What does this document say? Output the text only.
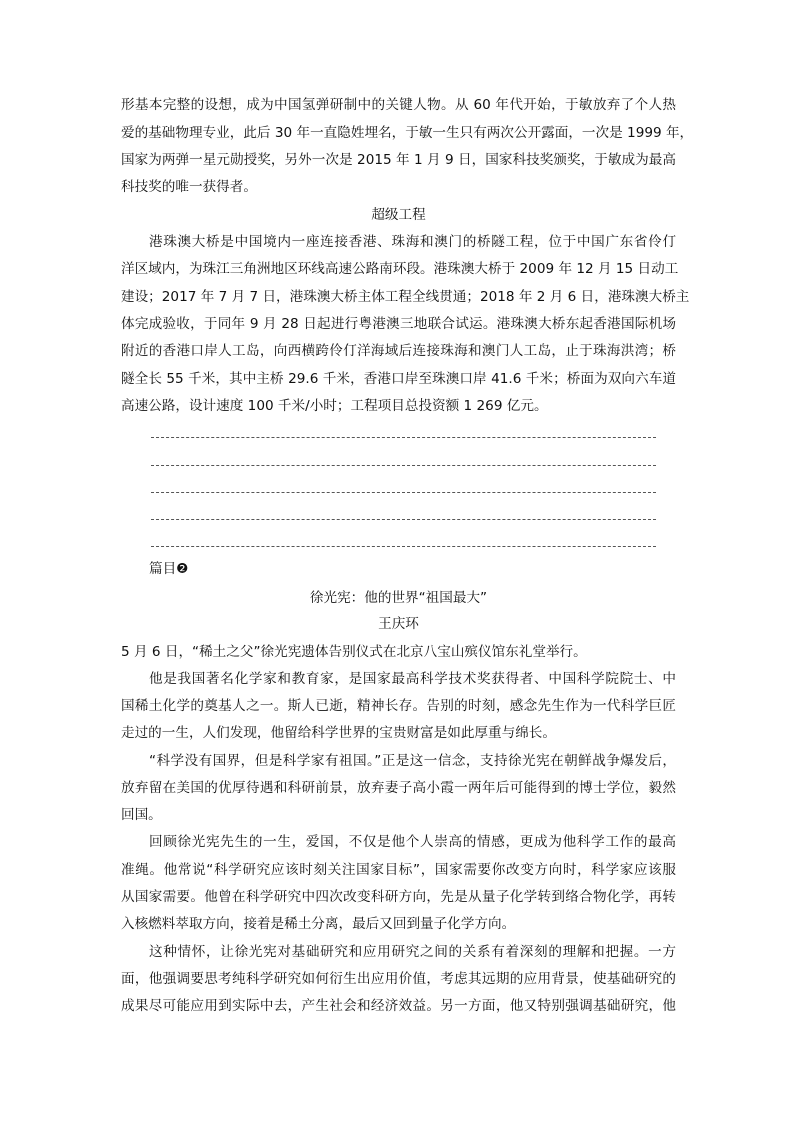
形基本完整的设想，成为中国氢弹研制中的关键人物。从 60 年代开始，于敏放弃了个人热
爱的基础物理专业，此后 30 年一直隐姓埋名，于敏一生只有两次公开露面，一次是 1999 年，
国家为两弹一星元勋授奖，另外一次是 2015 年 1 月 9 日，国家科技奖颁奖，于敏成为最高
科技奖的唯一获得者。
超级工程
港珠澳大桥是中国境内一座连接香港、珠海和澳门的桥隧工程，位于中国广东省伶仃
洋区域内，为珠江三角洲地区环线高速公路南环段。港珠澳大桥于 2009 年 12 月 15 日动工
建设；2017 年 7 月 7 日，港珠澳大桥主体工程全线贯通；2018 年 2 月 6 日，港珠澳大桥主
体完成验收，于同年 9 月 28 日起进行粤港澳三地联合试运。港珠澳大桥东起香港国际机场
附近的香港口岸人工岛，向西横跨伶仃洋海域后连接珠海和澳门人工岛，止于珠海洪湾；桥
隧全长 55 千米，其中主桥 29.6 千米，香港口岸至珠澳口岸 41.6 千米；桥面为双向六车道
高速公路，设计速度 100 千米/小时；工程项目总投资额 1 269 亿元。
篇目❷
徐光宪：他的世界“祖国最大”
王庆环
5 月 6 日，“稀土之父”徐光宪遗体告别仪式在北京八宝山殡仪馆东礼堂举行。
他是我国著名化学家和教育家，是国家最高科学技术奖获得者、中国科学院院士、中
国稀土化学的奠基人之一。斯人已逝，精神长存。告别的时刻，感念先生作为一代科学巨匠
走过的一生，人们发现，他留给科学世界的宝贵财富是如此厚重与绵长。
“科学没有国界，但是科学家有祖国。”正是这一信念，支持徐光宪在朝鲜战争爆发后，
放弃留在美国的优厚待遇和科研前景，放弃妻子高小霞一两年后可能得到的博士学位，毅然
回国。
回顾徐光宪先生的一生，爱国，不仅是他个人崇高的情感，更成为他科学工作的最高
准绳。他常说“科学研究应该时刻关注国家目标”，国家需要你改变方向时，科学家应该服
从国家需要。他曾在科学研究中四次改变科研方向，先是从量子化学转到络合物化学，再转
入核燃料萃取方向，接着是稀土分离，最后又回到量子化学方向。
这种情怀，让徐光宪对基础研究和应用研究之间的关系有着深刻的理解和把握。一方
面，他强调要思考纯科学研究如何衍生出应用价值，考虑其远期的应用背景，使基础研究的
成果尽可能应用到实际中去，产生社会和经济效益。另一方面，他又特别强调基础研究，他
